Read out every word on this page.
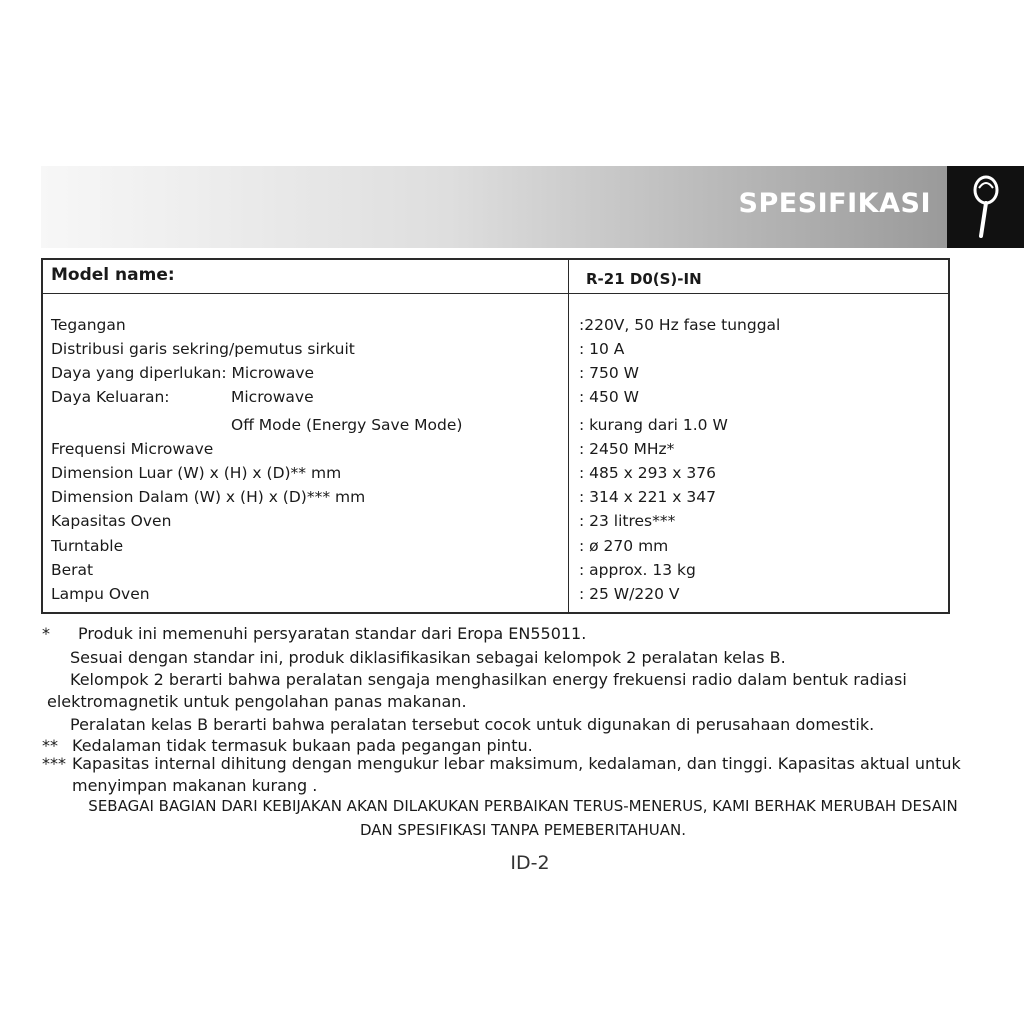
SPESIFIKASI
Model name:	R-21 D0(S)-IN
Tegangan	:220V, 50 Hz fase tunggal
Distribusi garis sekring/pemutus sirkuit	: 10 A
Daya yang diperlukan: Microwave	: 750 W
Daya Keluaran:	Microwave	: 450 W
Off Mode (Energy Save Mode)	: kurang dari 1.0 W
Frequensi Microwave	: 2450 MHz*
Dimension Luar (W) x (H) x (D)** mm	: 485 x 293 x 376
Dimension Dalam (W) x (H) x (D)*** mm	: 314 x 221 x 347
Kapasitas Oven	: 23 litres***
Turntable	: ø 270 mm
Berat	: approx. 13 kg
Lampu Oven	: 25 W/220 V
* Produk ini memenuhi persyaratan standar dari Eropa EN55011.
Sesuai dengan standar ini, produk diklasifikasikan sebagai kelompok 2 peralatan kelas B.
Kelompok 2 berarti bahwa peralatan sengaja menghasilkan energy frekuensi radio dalam bentuk radiasi
elektromagnetik untuk pengolahan panas makanan.
Peralatan kelas B berarti bahwa peralatan tersebut cocok untuk digunakan di perusahaan domestik.
** Kedalaman tidak termasuk bukaan pada pegangan pintu.
*** Kapasitas internal dihitung dengan mengukur lebar maksimum, kedalaman, dan tinggi. Kapasitas aktual untuk
menyimpan makanan kurang .
SEBAGAI BAGIAN DARI KEBIJAKAN AKAN DILAKUKAN PERBAIKAN TERUS-MENERUS, KAMI BERHAK MERUBAH DESAIN
DAN SPESIFIKASI TANPA PEMEBERITAHUAN.
ID-2
